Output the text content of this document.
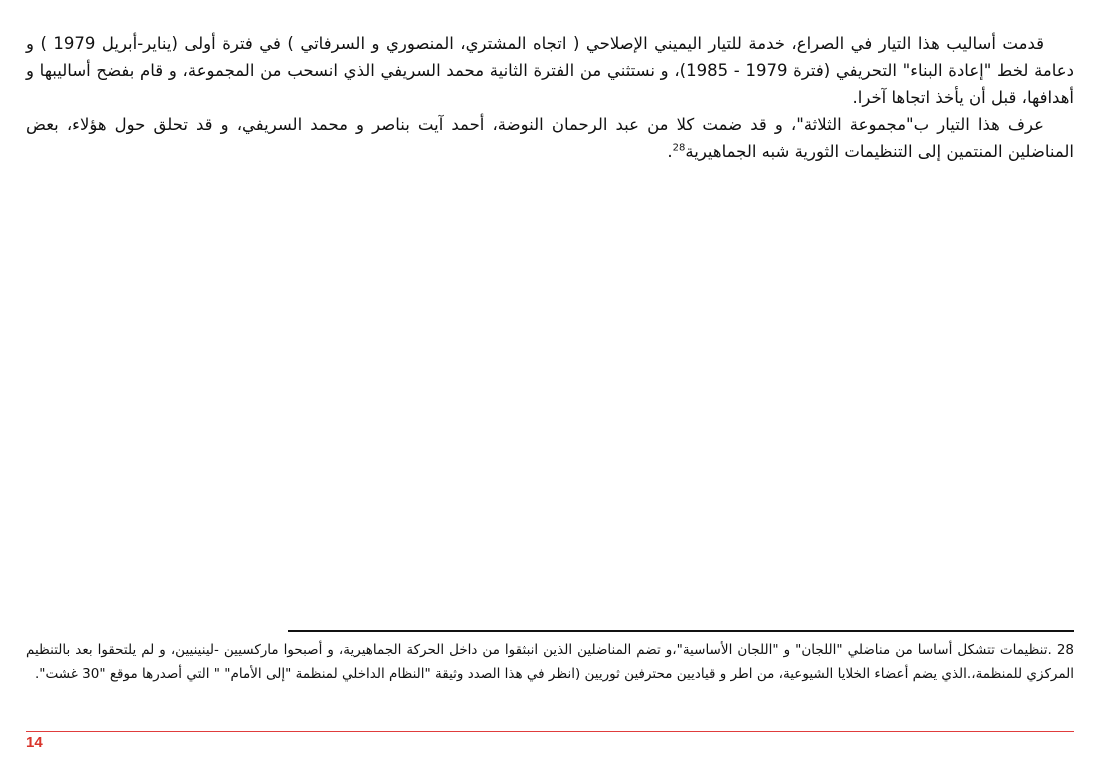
قدمت أساليب هذا التيار في الصراع، خدمة للتيار اليميني الإصلاحي ( اتجاه المشتري، المنصوري و السرفاتي ) في فترة أولى (يناير-أبريل 1979 ) و دعامة لخط "إعادة البناء" التحريفي (فترة 1979 - 1985)، و نستثني من الفترة الثانية محمد السريفي الذي انسحب من المجموعة، و قام بفضح أساليبها و أهدافها، قبل أن يأخذ اتجاها آخرا.

عرف هذا التيار ب"مجموعة الثلاثة"، و قد ضمت كلا من عبد الرحمان النوضة، أحمد آيت بناصر و محمد السريفي، و قد تحلق حول هؤلاء، بعض المناضلين المنتمين إلى التنظيمات الثورية شبه الجماهيرية$^{28}$.

28 .تنظيمات تتشكل أساسا من مناضلي "اللجان" و "اللجان الأساسية"،و تضم المناضلين الذين انبثقوا من داخل الحركة الجماهيرية، و أصبحوا ماركسيين -لينينيين، و لم يلتحقوا بعد بالتنظيم المركزي للمنظمة،.الذي يضم أعضاء الخلايا الشيوعية، من اطر و قياديين محترفين ثوريين (انظر في هذا الصدد وثيقة "النظام الداخلي لمنظمة "إلى الأمام" " التي أصدرها موقع "30 غشت".

14
